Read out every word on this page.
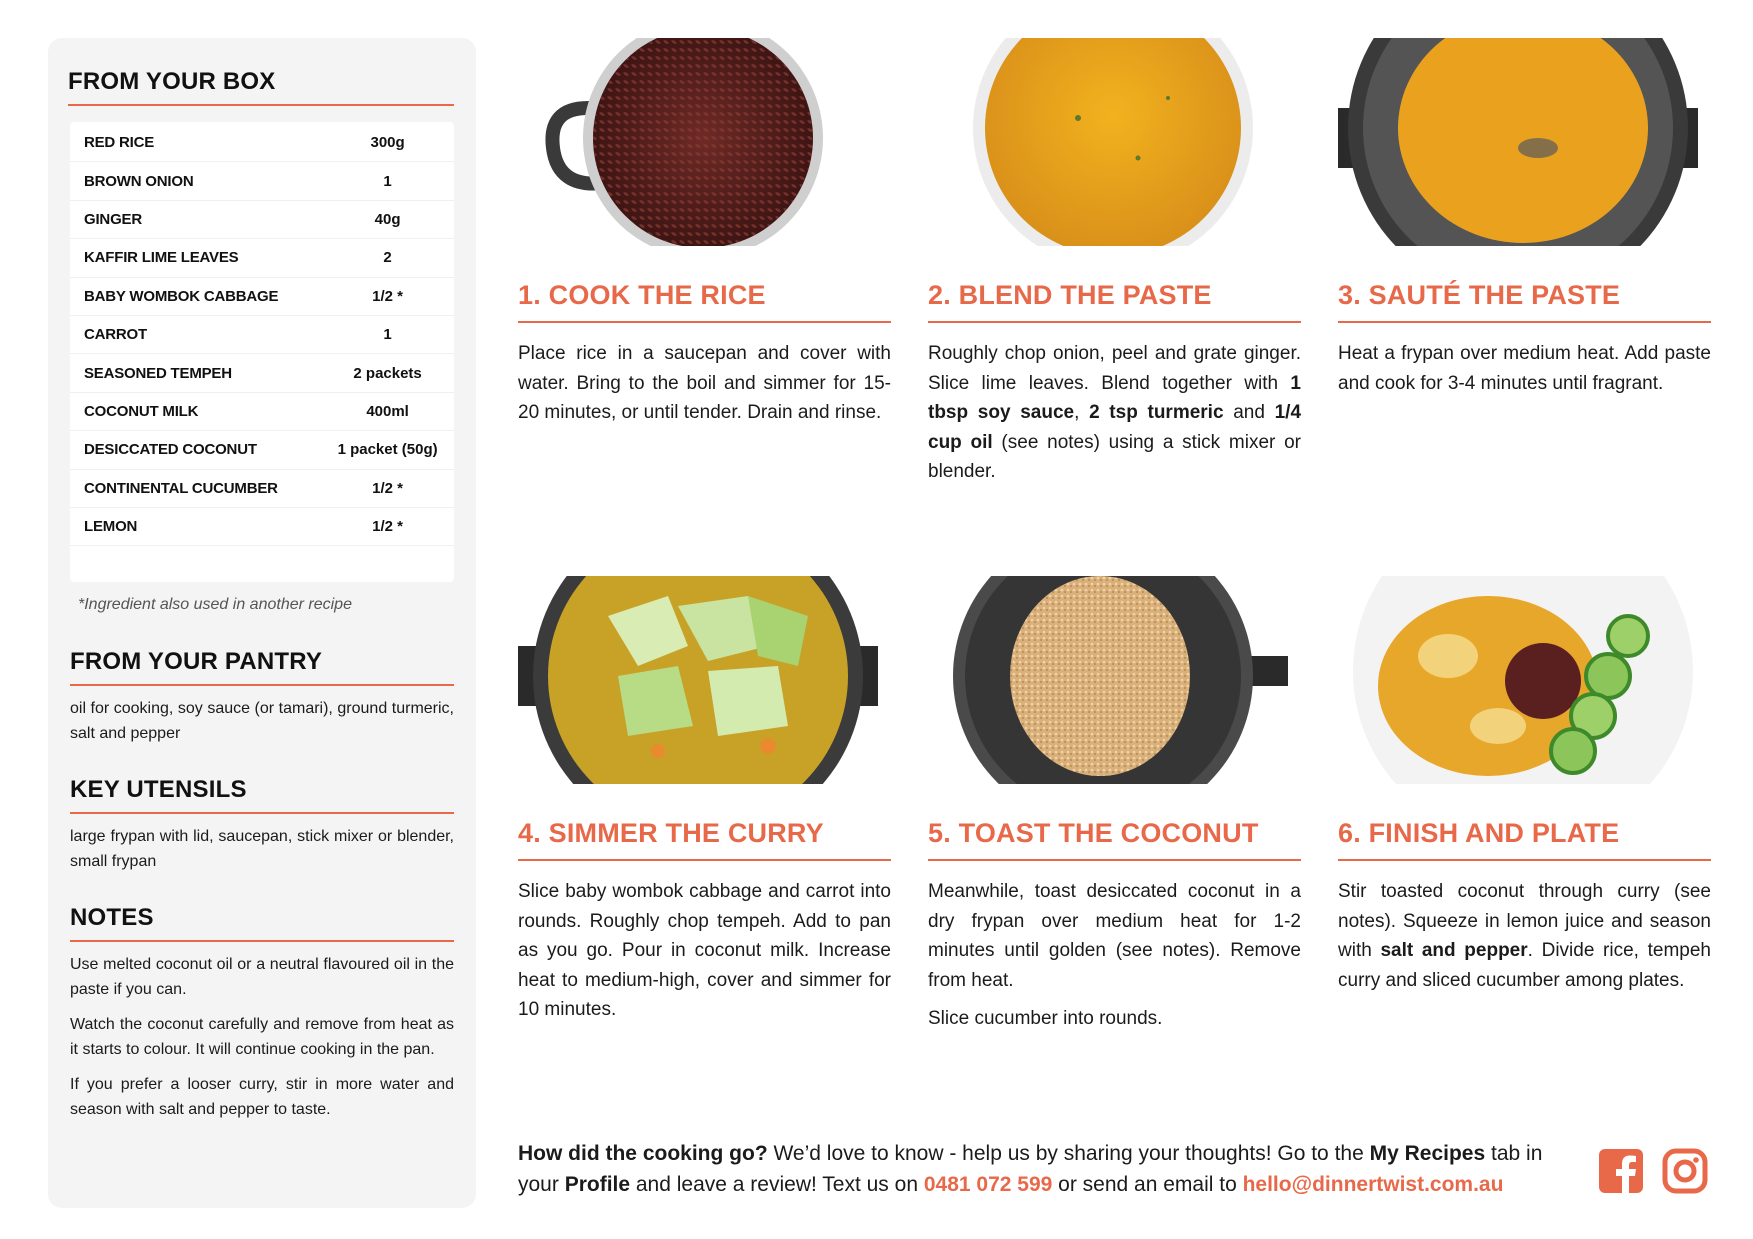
FROM YOUR BOX
RED RICE	300g
BROWN ONION	1
GINGER	40g
KAFFIR LIME LEAVES	2
BABY WOMBOK CABBAGE	1/2 *
CARROT	1
SEASONED TEMPEH	2 packets
COCONUT MILK	400ml
DESICCATED COCONUT	1 packet (50g)
CONTINENTAL CUCUMBER	1/2 *
LEMON	1/2 *
*Ingredient also used in another recipe
FROM YOUR PANTRY
oil for cooking, soy sauce (or tamari), ground turmeric, salt and pepper
KEY UTENSILS
large frypan with lid, saucepan, stick mixer or blender, small frypan
NOTES

Use melted coconut oil or a neutral flavoured oil in the paste if you can.

Watch the coconut carefully and remove from heat as it starts to colour. It will continue cooking in the pan.

If you prefer a looser curry, stir in more water and season with salt and pepper to taste.

1. COOK THE RICE

Place rice in a saucepan and cover with water. Bring to the boil and simmer for 15-20 minutes, or until tender. Drain and rinse.

2. BLEND THE PASTE

Roughly chop onion, peel and grate ginger. Slice lime leaves. Blend together with 1 tbsp soy sauce, 2 tsp turmeric and 1/4 cup oil (see notes) using a stick mixer or blender.

3. SAUTÉ THE PASTE

Heat a frypan over medium heat. Add paste and cook for 3-4 minutes until fragrant.

4. SIMMER THE CURRY

Slice baby wombok cabbage and carrot into rounds. Roughly chop tempeh. Add to pan as you go. Pour in coconut milk. Increase heat to medium-high, cover and simmer for 10 minutes.

5. TOAST THE COCONUT

Meanwhile, toast desiccated coconut in a dry frypan over medium heat for 1-2 minutes until golden (see notes). Remove from heat.

Slice cucumber into rounds.

6. FINISH AND PLATE

Stir toasted coconut through curry (see notes). Squeeze in lemon juice and season with salt and pepper. Divide rice, tempeh curry and sliced cucumber among plates.

How did the cooking go? We’d love to know - help us by sharing your thoughts! Go to the My Recipes tab in your Profile and leave a review! Text us on 0481 072 599 or send an email to hello@dinnertwist.com.au
